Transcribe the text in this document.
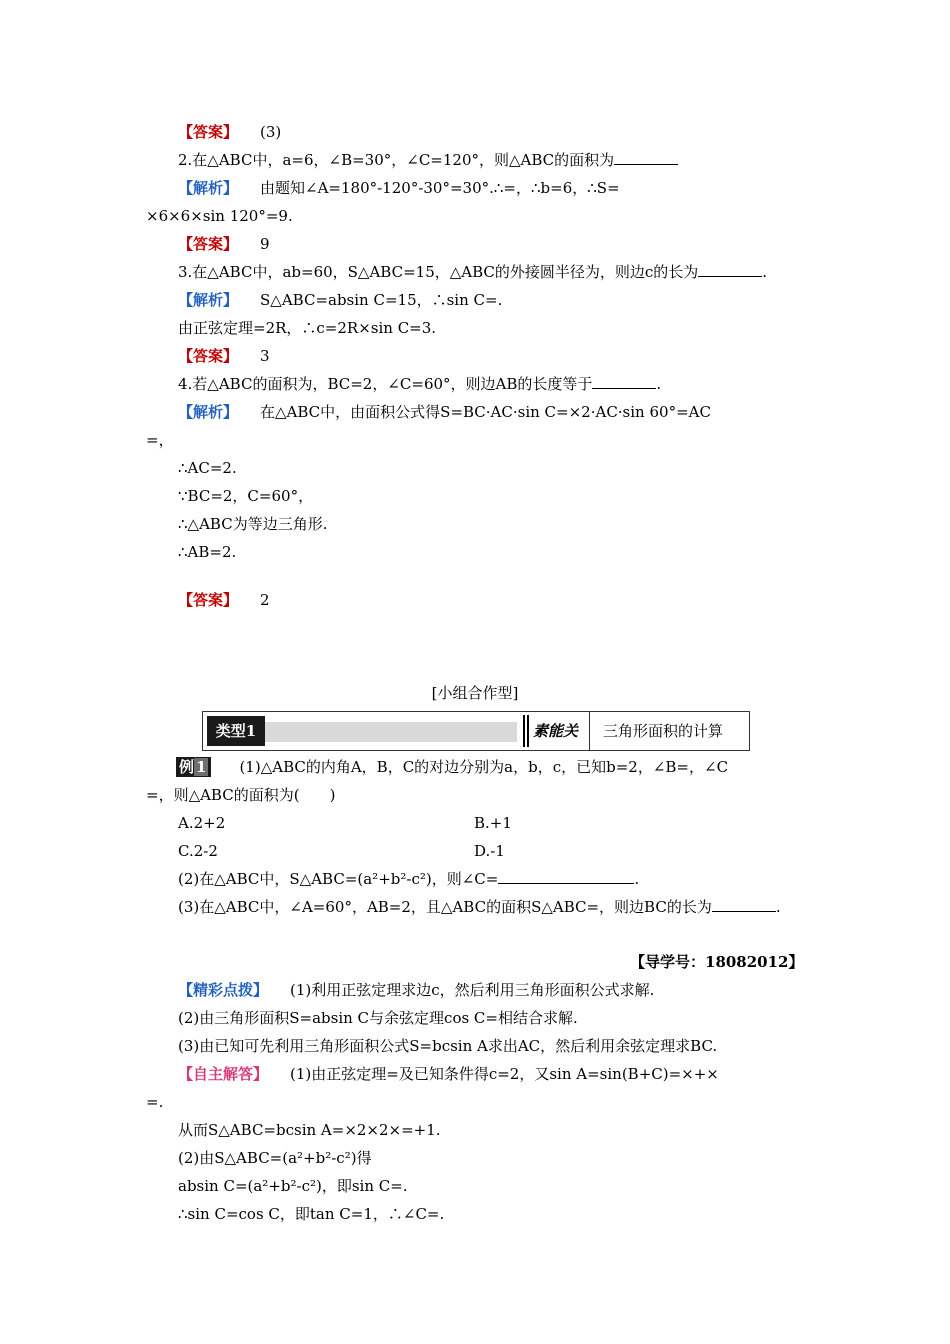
【答案】 (3)
2.在△ABC中，a=6，∠B=30°，∠C=120°，则△ABC的面积为
【解析】 由题知∠A=180°-120°-30°=30°.∴=，∴b=6，∴S=
×6×6×sin 120°=9.
【答案】 9
3.在△ABC中，ab=60，S△ABC=15，△ABC的外接圆半径为，则边c的长为	.
【解析】 S△ABC=absin C=15，∴sin C=.
由正弦定理=2R，∴c=2R×sin C=3.
【答案】 3
4.若△ABC的面积为，BC=2，∠C=60°，则边AB的长度等于	.
【解析】 在△ABC中，由面积公式得S=BC·AC·sin C=×2·AC·sin 60°=AC
=，
∴AC=2.
∵BC=2，C=60°，
∴△ABC为等边三角形.
∴AB=2.
【答案】 2
[小组合作型]
类型1	素能关 三角形面积的计算
例 1 (1)△ABC的内角A，B，C的对边分别为a，b，c，已知b=2，∠B=，∠C
=，则△ABC的面积为(　　)
A.2+2	B.+1
C.2-2	D.-1
(2)在△ABC中，S△ABC=(a²+b²-c²)，则∠C=	.
(3)在△ABC中，∠A=60°，AB=2，且△ABC的面积S△ABC=，则边BC的长为	.
【导学号：18082012】
【精彩点拨】 (1)利用正弦定理求边c，然后利用三角形面积公式求解.
(2)由三角形面积S=absin C与余弦定理cos C=相结合求解.
(3)由已知可先利用三角形面积公式S=bcsin A求出AC，然后利用余弦定理求BC.
【自主解答】 (1)由正弦定理=及已知条件得c=2，又sin A=sin(B+C)=×+×
=.
从而S△ABC=bcsin A=×2×2×=+1.
(2)由S△ABC=(a²+b²-c²)得
absin C=(a²+b²-c²)，即sin C=.
∴sin C=cos C，即tan C=1，∴∠C=.
